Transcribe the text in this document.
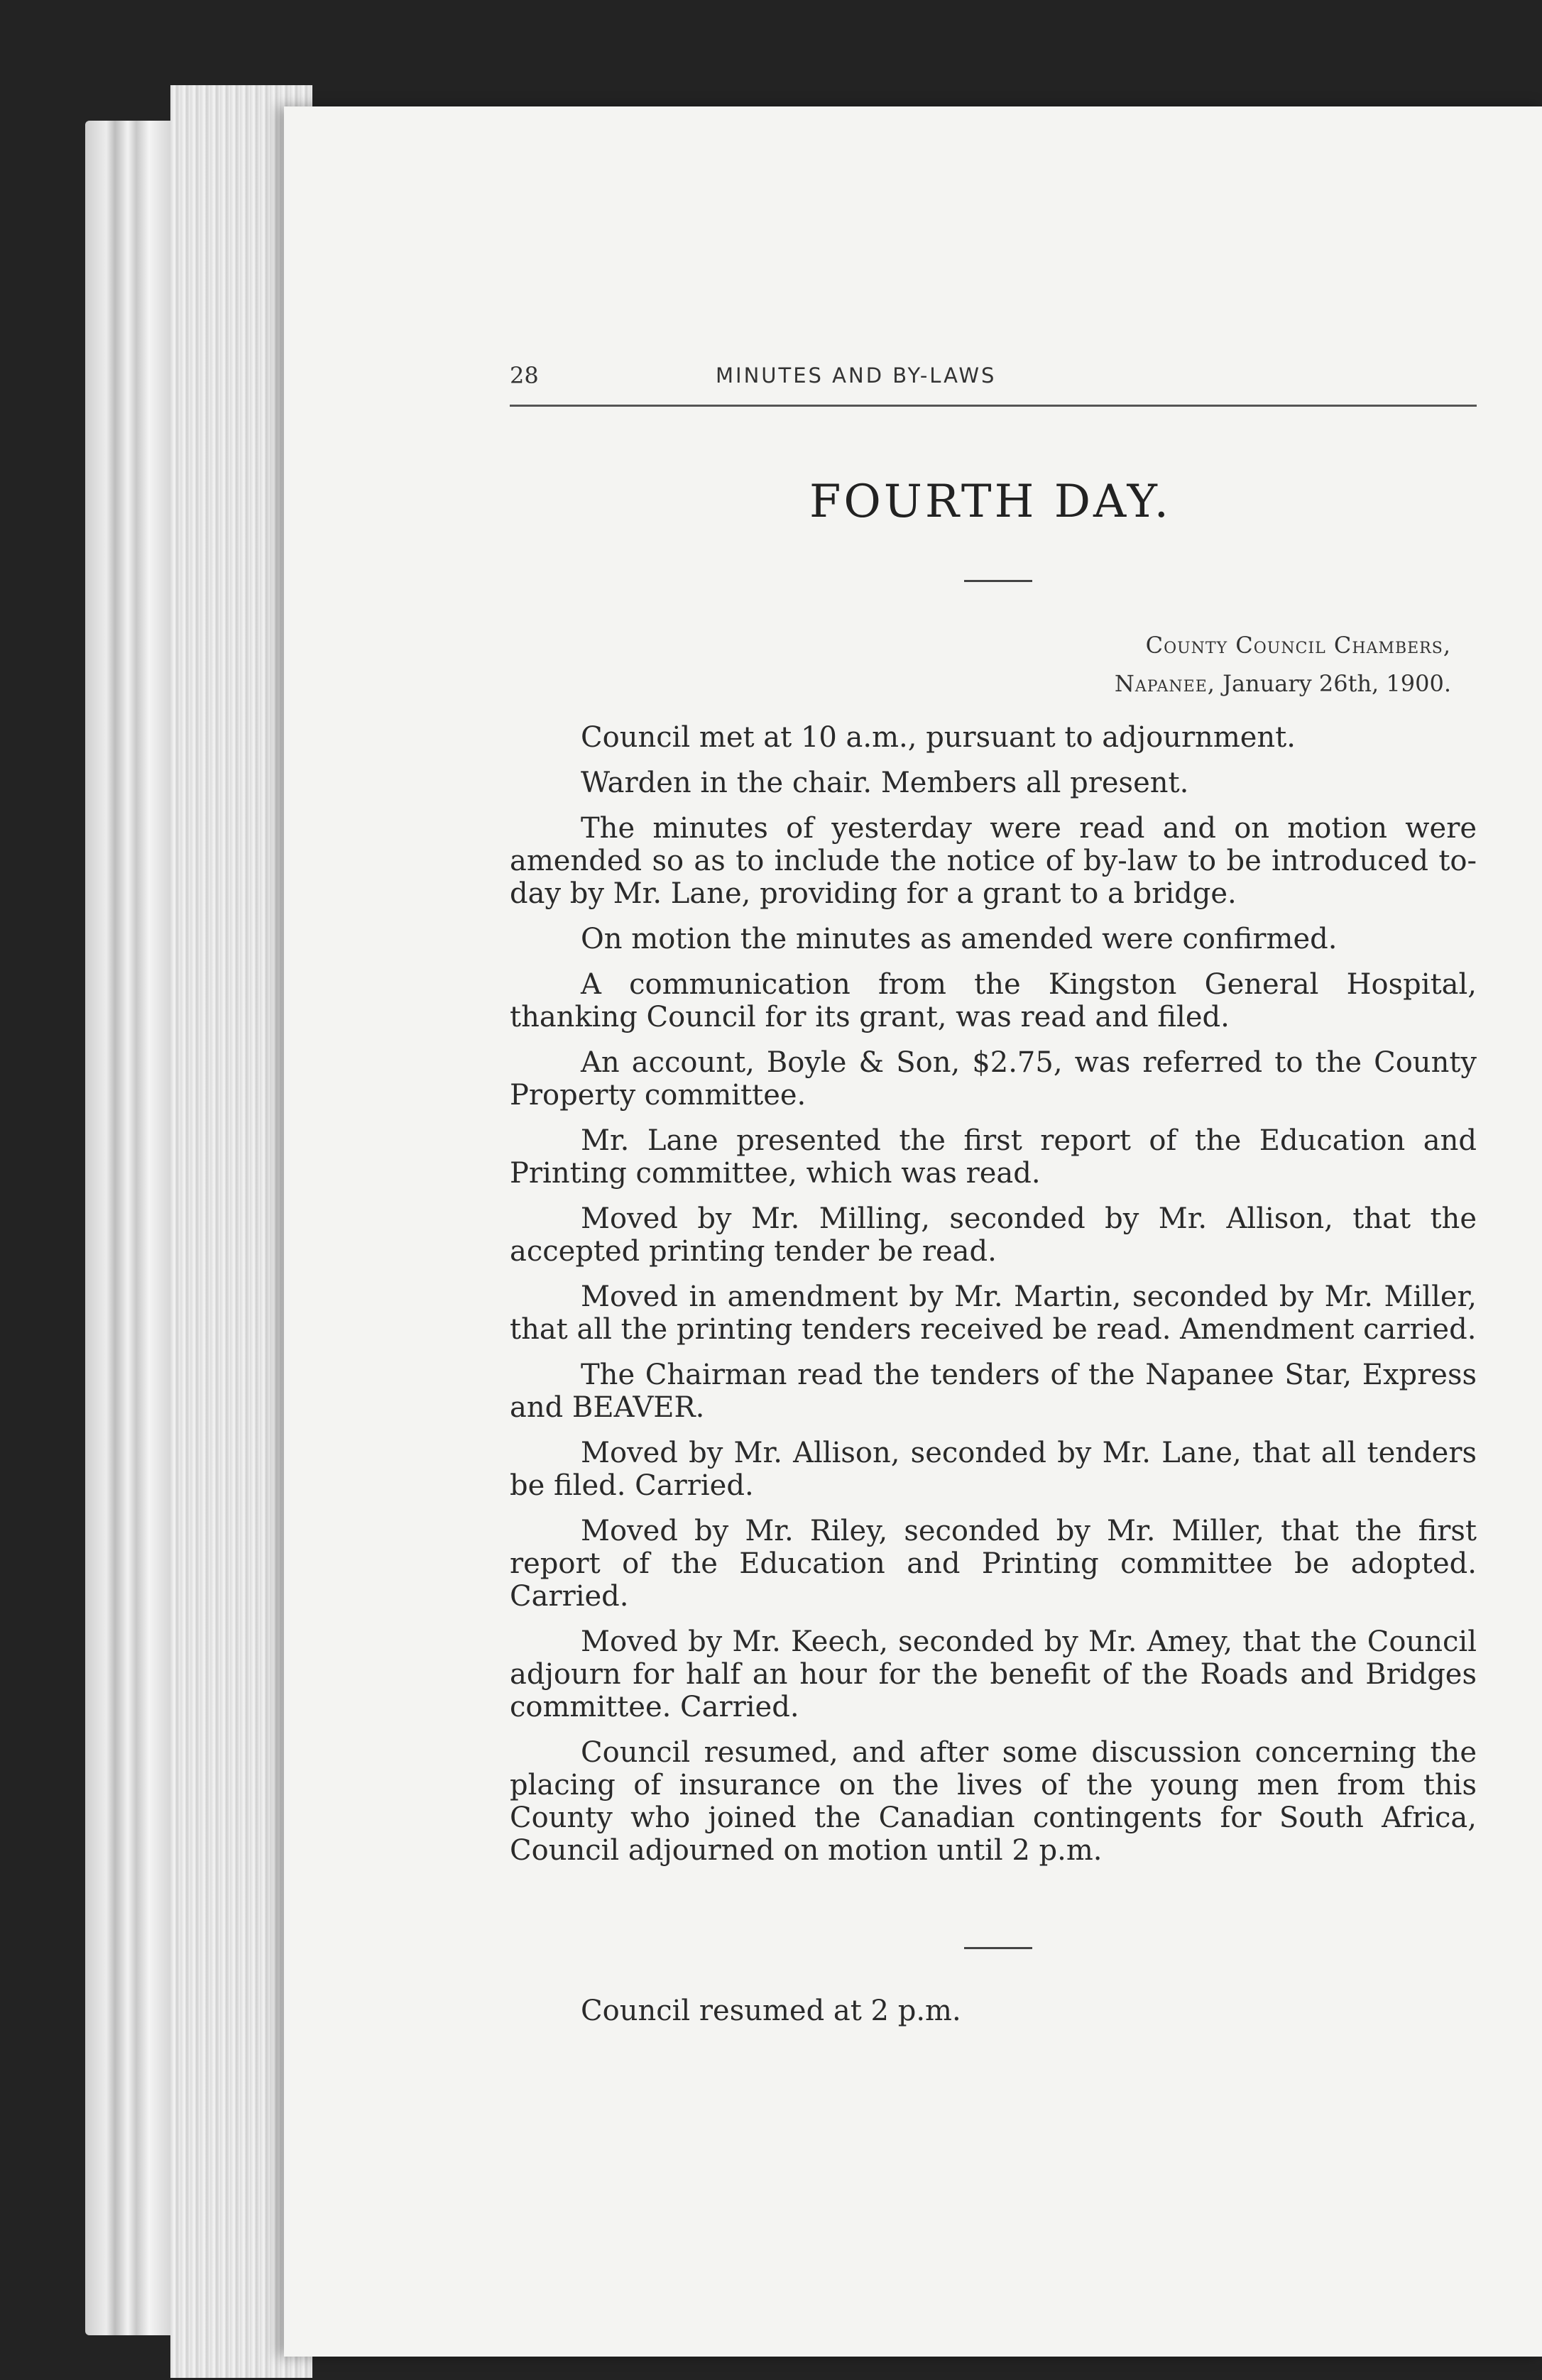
28	MINUTES AND BY-LAWS
FOURTH DAY.
County Council Chambers,
Napanee, January 26th, 1900.

Council met at 10 a.m., pursuant to adjournment.

Warden in the chair. Members all present.

The minutes of yesterday were read and on motion were amended so as to include the notice of by-law to be introduced to-day by Mr. Lane, providing for a grant to a bridge.

On motion the minutes as amended were confirmed.

A communication from the Kingston General Hospital, thanking Council for its grant, was read and filed.

An account, Boyle & Son, $2.75, was referred to the County Property committee.

Mr. Lane presented the first report of the Education and Printing committee, which was read.

Moved by Mr. Milling, seconded by Mr. Allison, that the accepted printing tender be read.

Moved in amendment by Mr. Martin, seconded by Mr. Miller, that all the printing tenders received be read. Amendment carried.

The Chairman read the tenders of the Napanee Star, Express and BEAVER.

Moved by Mr. Allison, seconded by Mr. Lane, that all tenders be filed. Carried.

Moved by Mr. Riley, seconded by Mr. Miller, that the first report of the Education and Printing committee be adopted. Carried.

Moved by Mr. Keech, seconded by Mr. Amey, that the Council adjourn for half an hour for the benefit of the Roads and Bridges committee. Carried.

Council resumed, and after some discussion concerning the placing of insurance on the lives of the young men from this County who joined the Canadian contingents for South Africa, Council adjourned on motion until 2 p.m.

Council resumed at 2 p.m.
